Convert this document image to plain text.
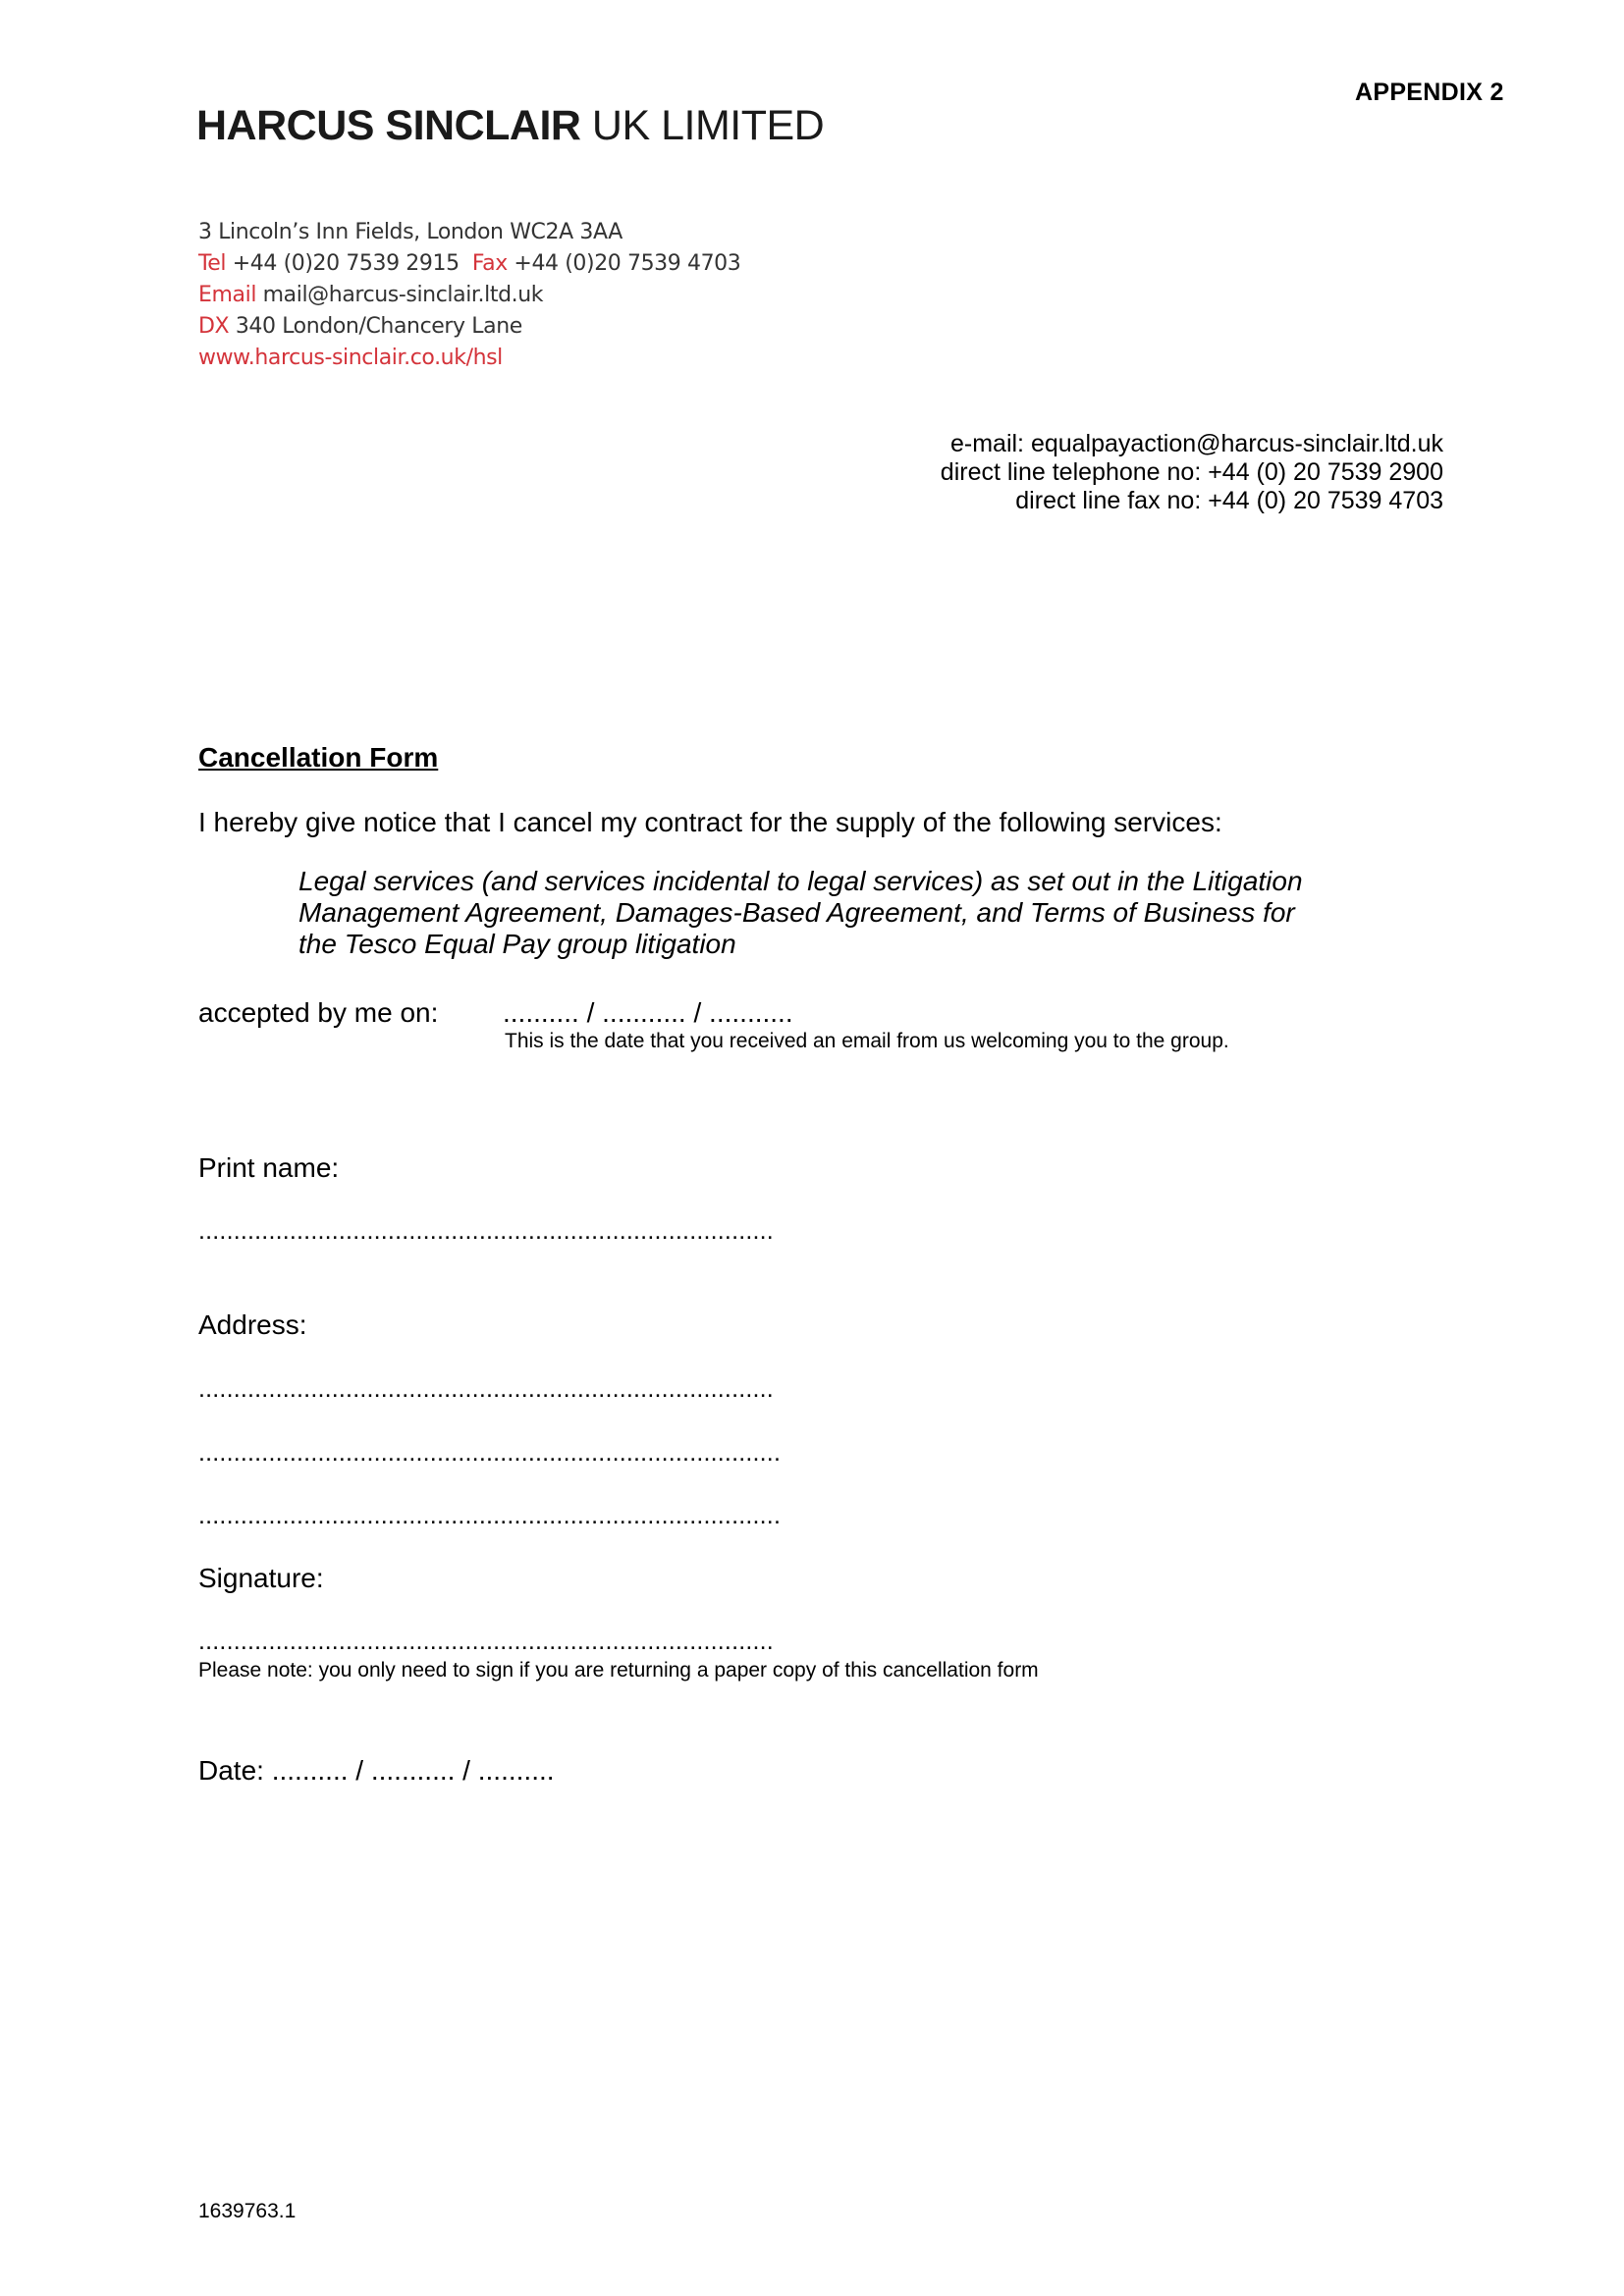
APPENDIX 2
HARCUS SINCLAIR UK LIMITED
3 Lincoln’s Inn Fields, London WC2A 3AA
Tel +44 (0)20 7539 2915 Fax +44 (0)20 7539 4703
Email mail@harcus-sinclair.ltd.uk
DX 340 London/Chancery Lane
www.harcus-sinclair.co.uk/hsl
e-mail: equalpayaction@harcus-sinclair.ltd.uk
direct line telephone no: +44 (0) 20 7539 2900
direct line fax no: +44 (0) 20 7539 4703
Cancellation Form
I hereby give notice that I cancel my contract for the supply of the following services:
Legal services (and services incidental to legal services) as set out in the Litigation Management Agreement, Damages-Based Agreement, and Terms of Business for the Tesco Equal Pay group litigation
accepted by me on: .......... / ........... / ...........
This is the date that you received an email from us welcoming you to the group.
Print name:
..................................................................................
Address:
..................................................................................
...................................................................................
...................................................................................
Signature:
..................................................................................
Please note: you only need to sign if you are returning a paper copy of this cancellation form
Date: .......... / ........... / ..........
1639763.1
